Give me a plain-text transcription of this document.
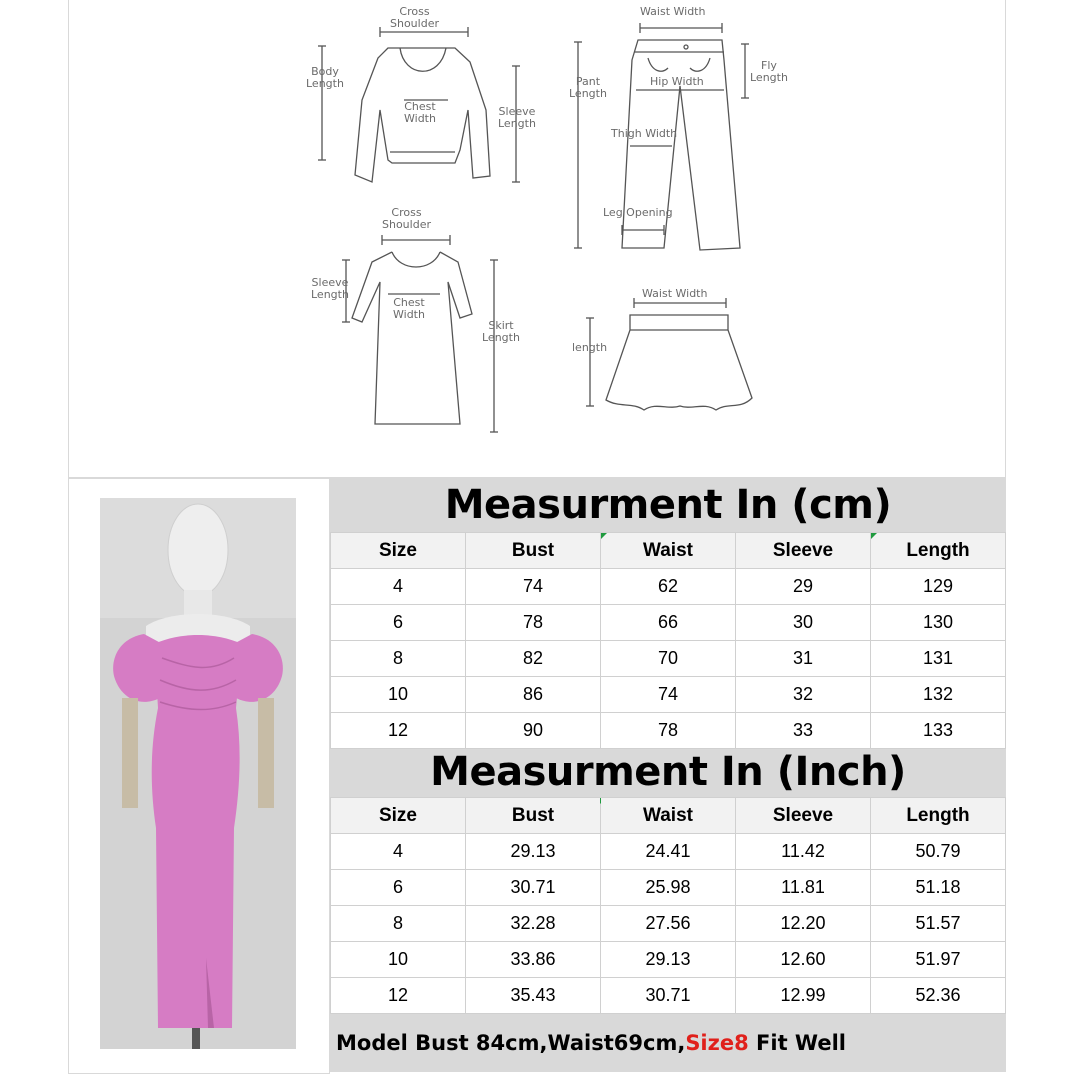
Cross
Shoulder
Body
Length
Chest
Width
Sleeve
Length
Waist Width
Fly
Length
Pant
Length
Hip Width
Thigh Width
Leg Opening
Cross
Shoulder
Sleeve
Length
Chest
Width
Skirt
Length
Waist Width
length
Measurment In (cm)
Size	Bust	Waist	Sleeve	Length
4	74	62	29	129
6	78	66	30	130
8	82	70	31	131
10	86	74	32	132
12	90	78	33	133
Measurment In (Inch)
Size	Bust	Waist	Sleeve	Length
4	29.13	24.41	11.42	50.79
6	30.71	25.98	11.81	51.18
8	32.28	27.56	12.20	51.57
10	33.86	29.13	12.60	51.97
12	35.43	30.71	12.99	52.36
Model Bust 84cm,Waist69cm, Size8 Fit Well
